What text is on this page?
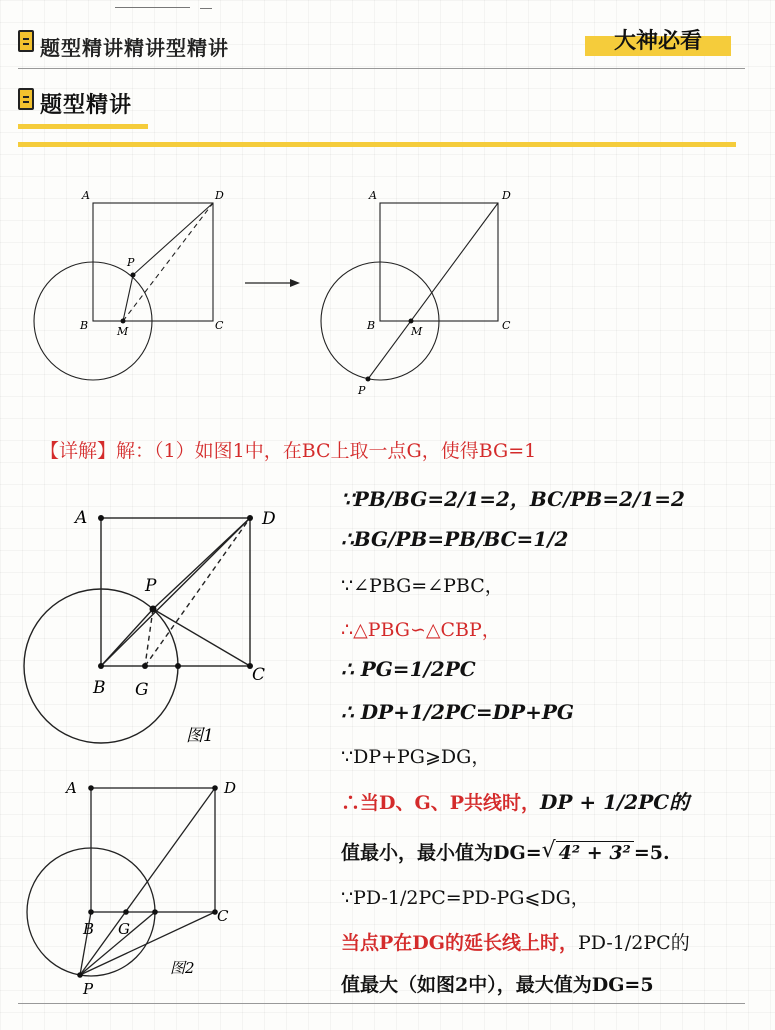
题型精讲精讲型精讲	大神必看
题型精讲
A	D
P
B	M	C
A	D
B	M	C
P
【详解】解：（1）如图1中，在BC上取一点G，使得BG=1
A	D
P
B G
C
图1
A	D
B G
C
P
图2
∵PB/BG=2/1=2，BC/PB=2/1=2
∴BG/PB=PB/BC=1/2
∵∠PBG=∠PBC，
∴△PBG∽△CBP，
∴ PG=1/2PC
∴ DP+1/2PC=DP+PG
∵DP+PG⩾DG，
∴当D、G、P共线时，DP + 1/2PC的
值最小，最小值为DG= √ 4² + 3² =5.
∵PD-1/2PC=PD-PG⩽DG，
当点P在DG的延长线上时，PD-1/2PC的
值最大（如图2中），最大值为DG=5
